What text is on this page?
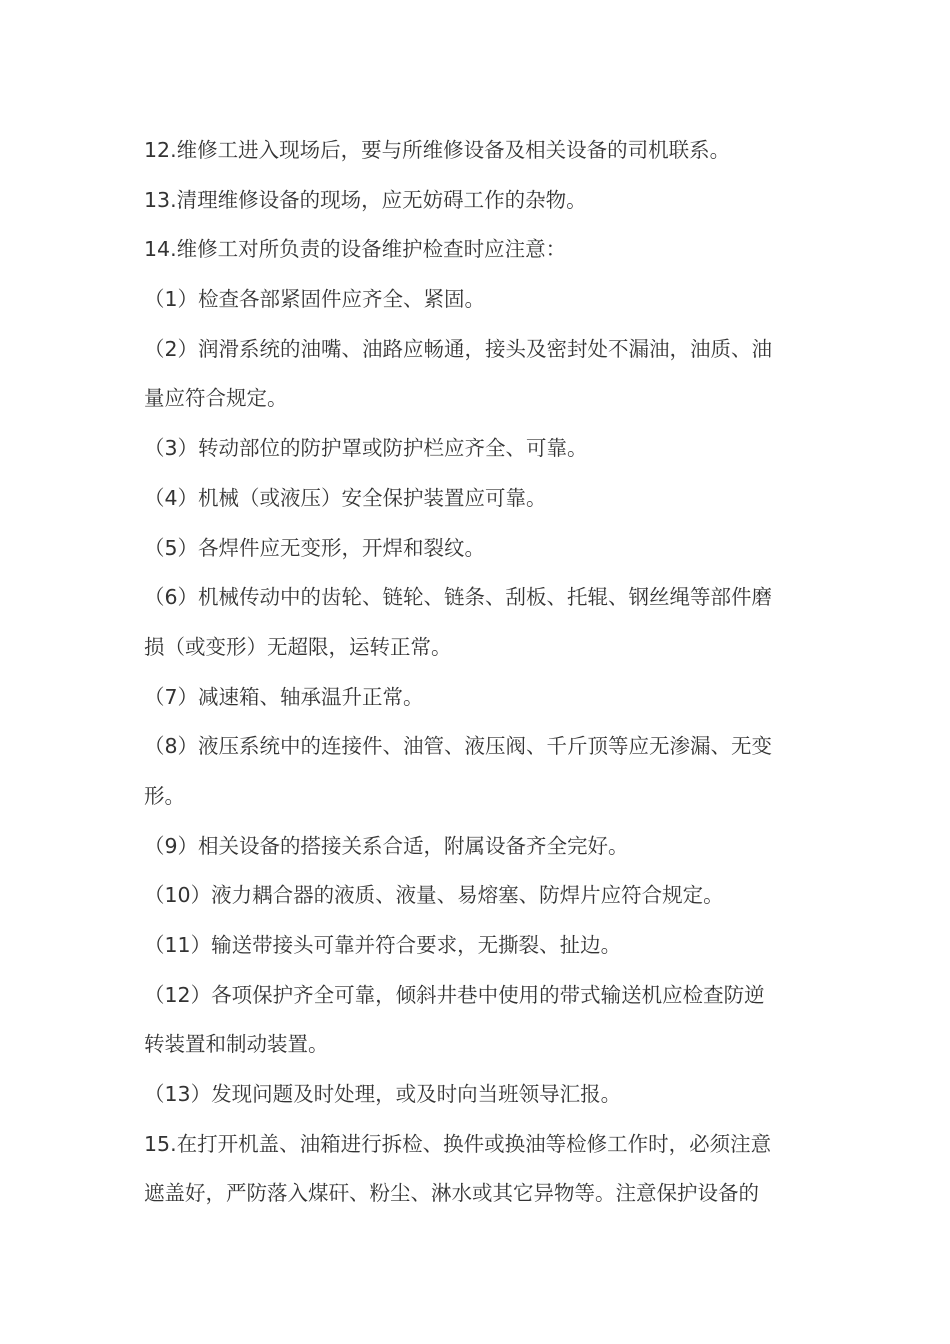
12.维修工进入现场后，要与所维修设备及相关设备的司机联系。
13.清理维修设备的现场，应无妨碍工作的杂物。
14.维修工对所负责的设备维护检查时应注意：
（1）检查各部紧固件应齐全、紧固。
（2）润滑系统的油嘴、油路应畅通，接头及密封处不漏油，油质、油
量应符合规定。
（3）转动部位的防护罩或防护栏应齐全、可靠。
（4）机械（或液压）安全保护装置应可靠。
（5）各焊件应无变形，开焊和裂纹。
（6）机械传动中的齿轮、链轮、链条、刮板、托辊、钢丝绳等部件磨
损（或变形）无超限，运转正常。
（7）减速箱、轴承温升正常。
（8）液压系统中的连接件、油管、液压阀、千斤顶等应无渗漏、无变
形。
（9）相关设备的搭接关系合适，附属设备齐全完好。
（10）液力耦合器的液质、液量、易熔塞、防焊片应符合规定。
（11）输送带接头可靠并符合要求，无撕裂、扯边。
（12）各项保护齐全可靠，倾斜井巷中使用的带式输送机应检查防逆
转装置和制动装置。
（13）发现问题及时处理，或及时向当班领导汇报。
15.在打开机盖、油箱进行拆检、换件或换油等检修工作时，必须注意
遮盖好，严防落入煤矸、粉尘、淋水或其它异物等。注意保护设备的
